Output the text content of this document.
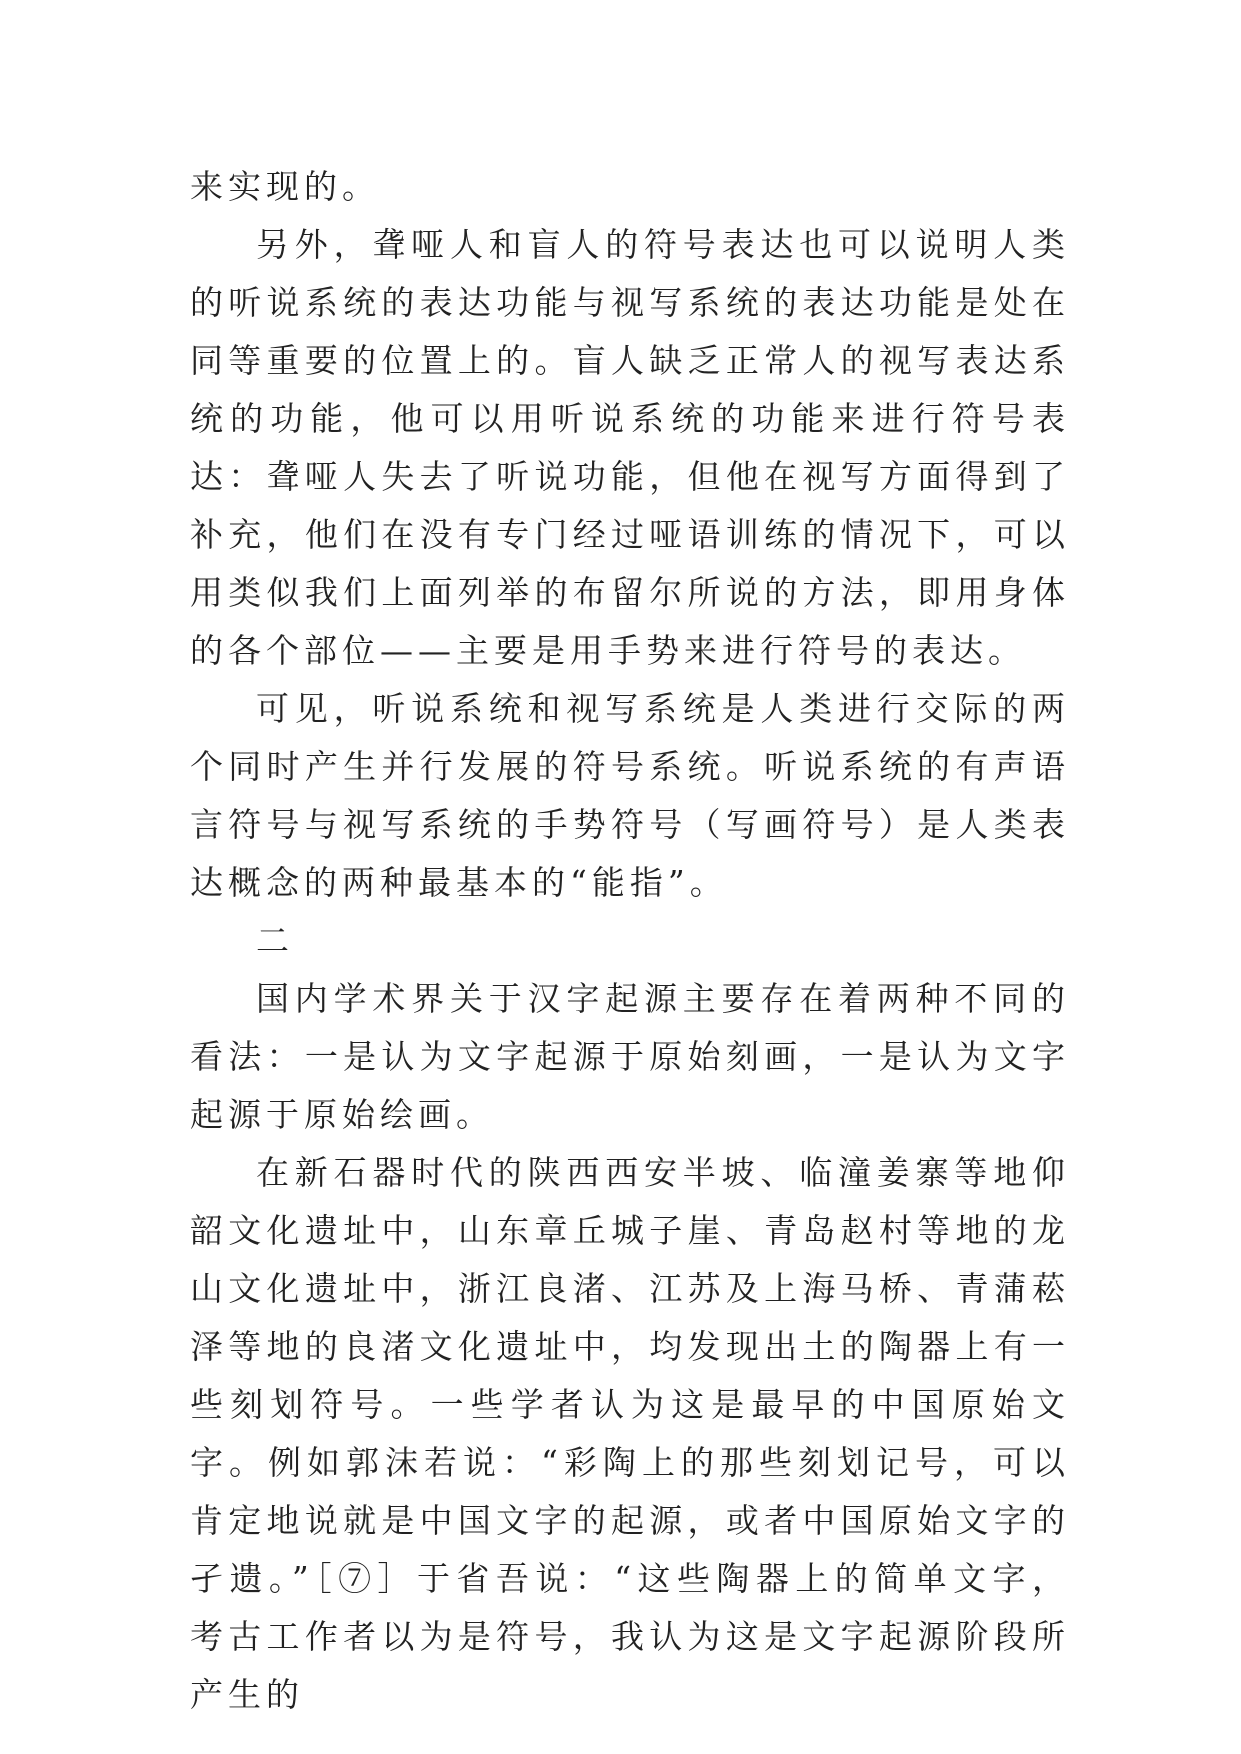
来实现的。

另外，聋哑人和盲人的符号表达也可以说明人类的听说系统的表达功能与视写系统的表达功能是处在同等重要的位置上的。盲人缺乏正常人的视写表达系统的功能，他可以用听说系统的功能来进行符号表达：聋哑人失去了听说功能，但他在视写方面得到了补充，他们在没有专门经过哑语训练的情况下，可以用类似我们上面列举的布留尔所说的方法，即用身体的各个部位——主要是用手势来进行符号的表达。

可见，听说系统和视写系统是人类进行交际的两个同时产生并行发展的符号系统。听说系统的有声语言符号与视写系统的手势符号（写画符号）是人类表达概念的两种最基本的“能指”。

二

国内学术界关于汉字起源主要存在着两种不同的看法：一是认为文字起源于原始刻画，一是认为文字起源于原始绘画。

在新石器时代的陕西西安半坡、临潼姜寨等地仰韶文化遗址中，山东章丘城子崖、青岛赵村等地的龙山文化遗址中，浙江良渚、江苏及上海马桥、青蒲菘泽等地的良渚文化遗址中，均发现出土的陶器上有一些刻划符号。一些学者认为这是最早的中国原始文字。例如郭沫若说：“彩陶上的那些刻划记号，可以肯定地说就是中国文字的起源，或者中国原始文字的孑遗。”［⑦］于省吾说：“这些陶器上的简单文字，考古工作者以为是符号，我认为这是文字起源阶段所产生的
